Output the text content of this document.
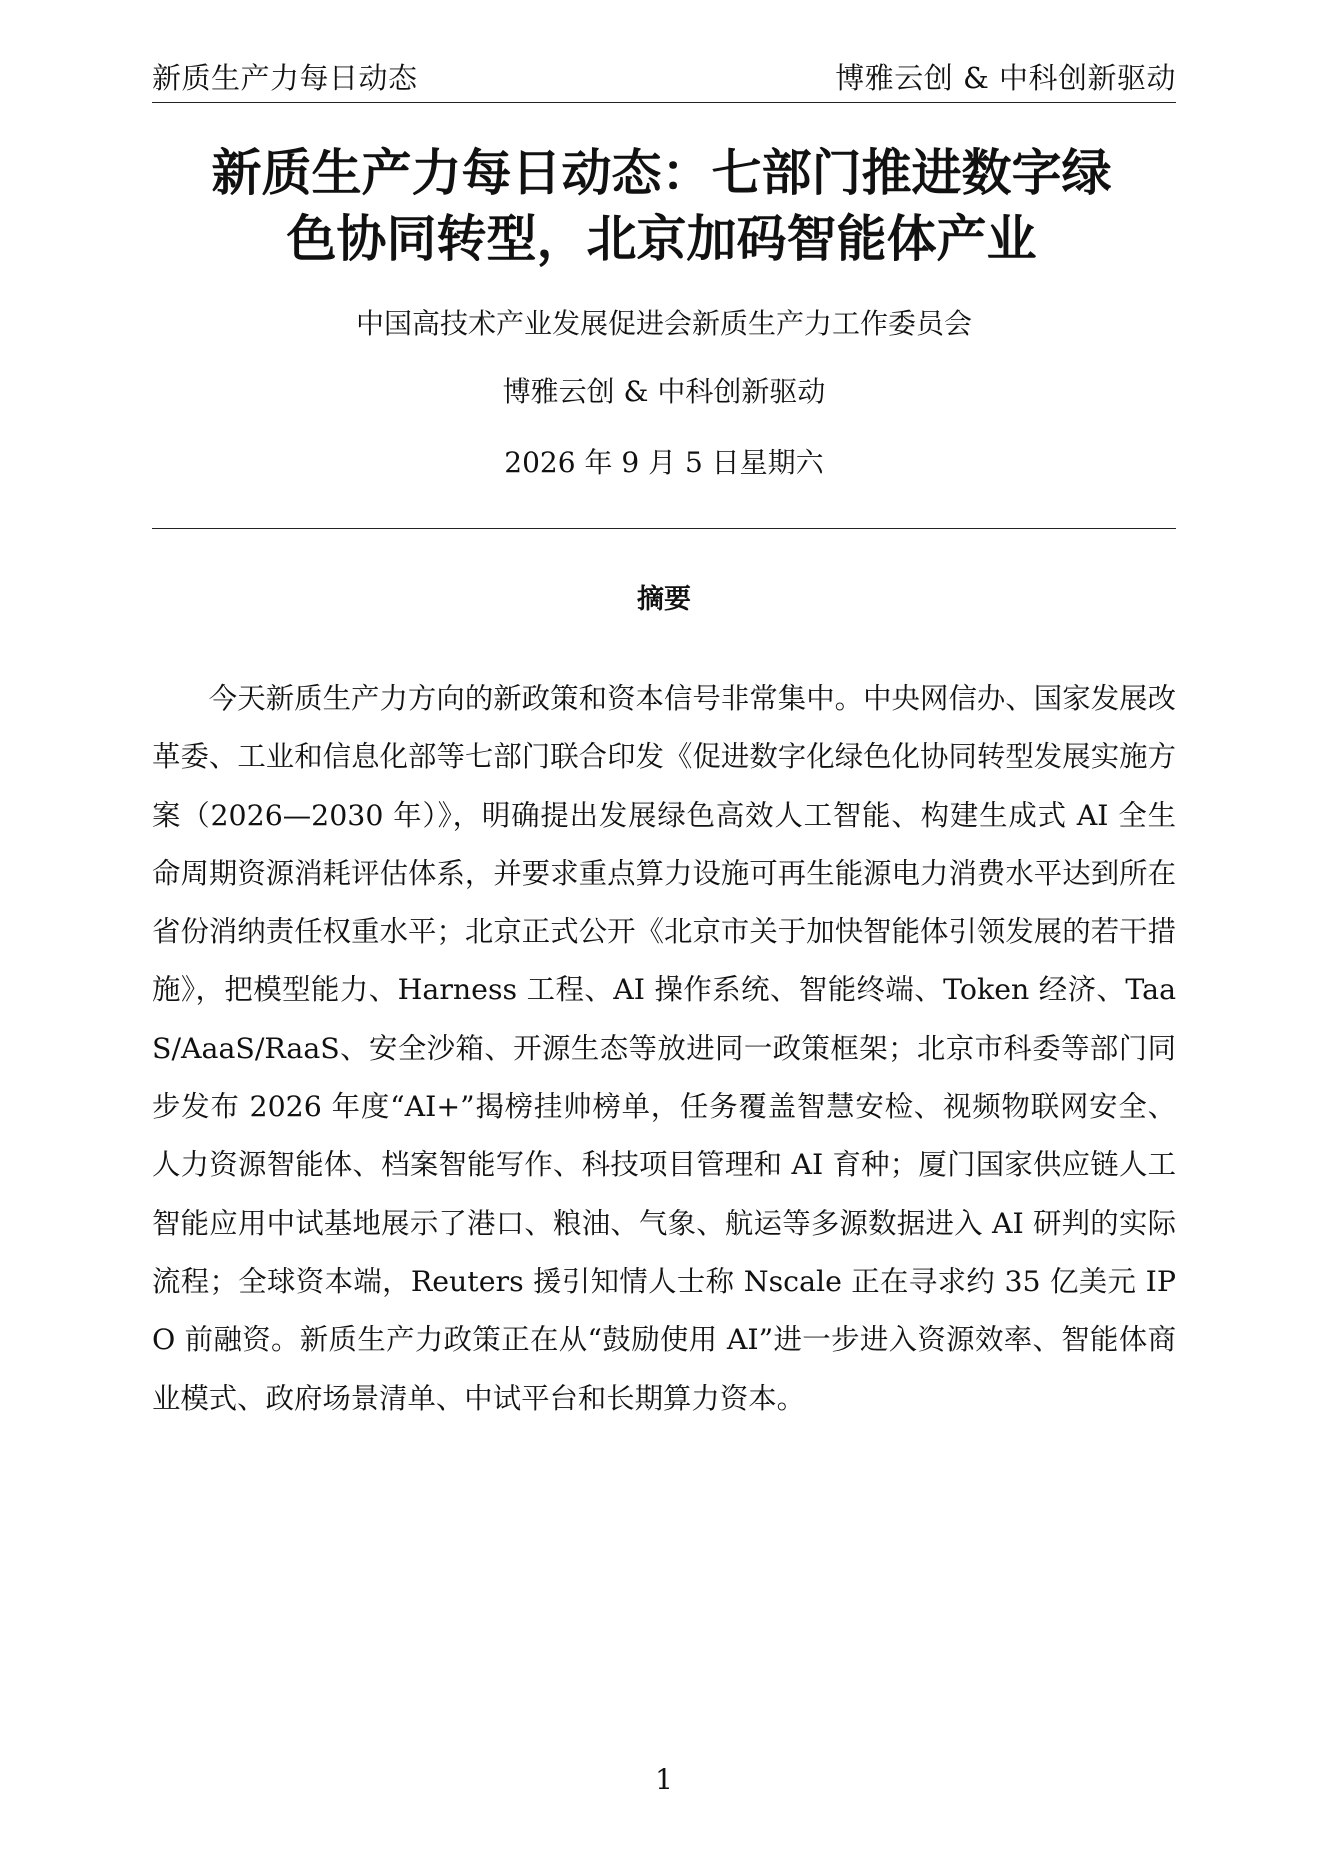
新质生产力每日动态	博雅云创 & 中科创新驱动
新质生产力每日动态：七部门推进数字绿
色协同转型，北京加码智能体产业

中国高技术产业发展促进会新质生产力工作委员会

博雅云创 & 中科创新驱动

2026 年 9 月 5 日星期六

摘要

今天新质生产力方向的新政策和资本信号非常集中。中央网信办、国家发展改革委、工业和信息化部等七部门联合印发《促进数字化绿色化协同转型发展实施方案（2026—2030 年）》，明确提出发展绿色高效人工智能、构建生成式 AI 全生命周期资源消耗评估体系，并要求重点算力设施可再生能源电力消费水平达到所在省份消纳责任权重水平；北京正式公开《北京市关于加快智能体引领发展的若干措施》，把模型能力、Harness 工程、AI 操作系统、智能终端、Token 经济、TaaS/AaaS/RaaS、安全沙箱、开源生态等放进同一政策框架；北京市科委等部门同步发布 2026 年度“AI+”揭榜挂帅榜单，任务覆盖智慧安检、视频物联网安全、人力资源智能体、档案智能写作、科技项目管理和 AI 育种；厦门国家供应链人工智能应用中试基地展示了港口、粮油、气象、航运等多源数据进入 AI 研判的实际流程；全球资本端，Reuters 援引知情人士称 Nscale 正在寻求约 35 亿美元 IPO 前融资。新质生产力政策正在从“鼓励使用 AI”进一步进入资源效率、智能体商业模式、政府场景清单、中试平台和长期算力资本。

1
